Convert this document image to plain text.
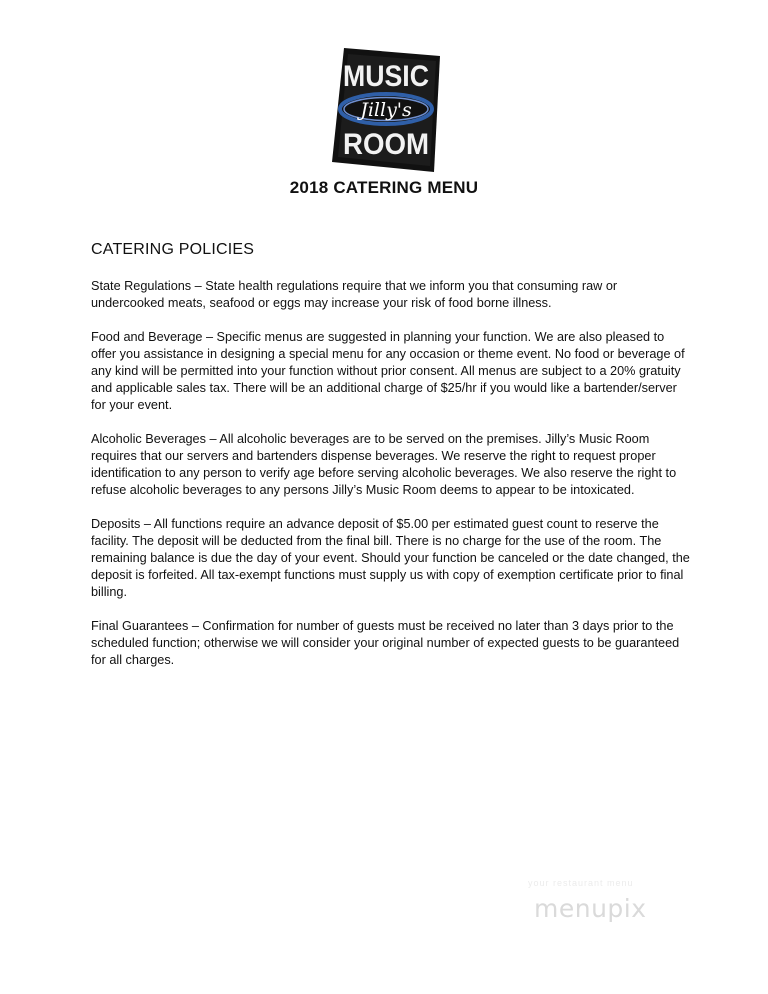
MUSIC
Jilly's
ROOM
2018 CATERING MENU
CATERING POLICIES

State Regulations – State health regulations require that we inform you that consuming raw or undercooked meats, seafood or eggs may increase your risk of food borne illness.

Food and Beverage – Specific menus are suggested in planning your function. We are also pleased to offer you assistance in designing a special menu for any occasion or theme event. No food or beverage of any kind will be permitted into your function without prior consent. All menus are subject to a 20% gratuity and applicable sales tax. There will be an additional charge of $25/hr if you would like a bartender/server for your event.

Alcoholic Beverages – All alcoholic beverages are to be served on the premises. Jilly’s Music Room requires that our servers and bartenders dispense beverages. We reserve the right to request proper identification to any person to verify age before serving alcoholic beverages. We also reserve the right to refuse alcoholic beverages to any persons Jilly’s Music Room deems to appear to be intoxicated.

Deposits – All functions require an advance deposit of $5.00 per estimated guest count to reserve the facility. The deposit will be deducted from the final bill. There is no charge for the use of the room. The remaining balance is due the day of your event. Should your function be canceled or the date changed, the deposit is forfeited. All tax-exempt functions must supply us with copy of exemption certificate prior to final billing.

Final Guarantees – Confirmation for number of guests must be received no later than 3 days prior to the scheduled function; otherwise we will consider your original number of expected guests to be guaranteed for all charges.

your restaurant menu
menupix
